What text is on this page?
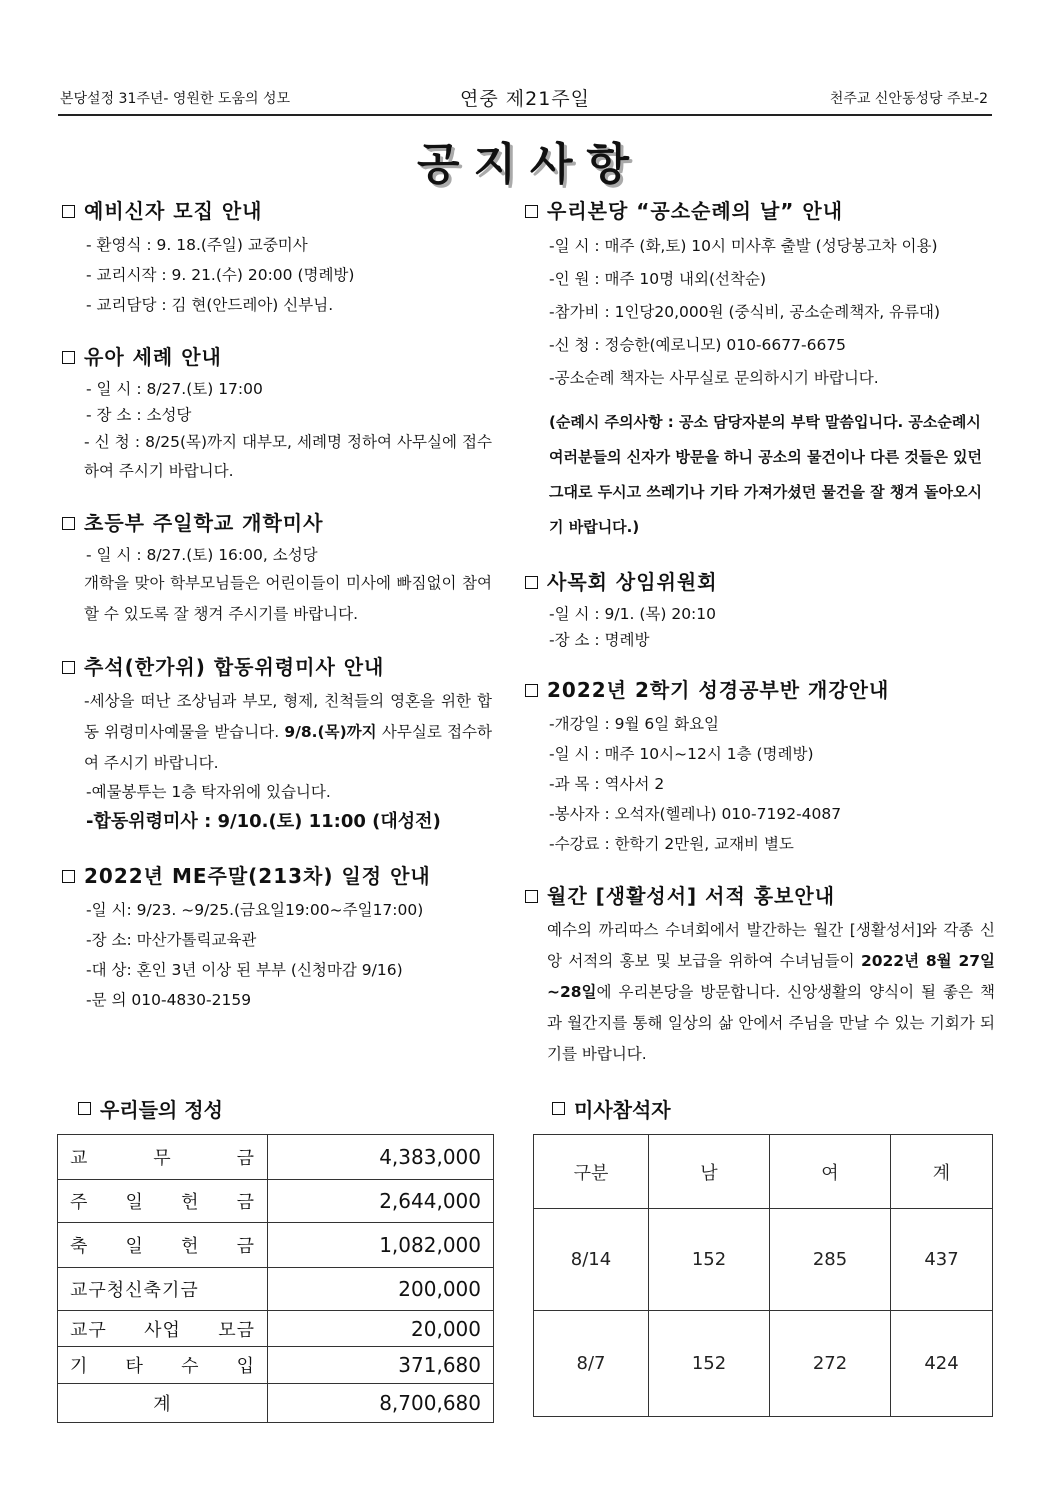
본당설정 31주년- 영원한 도움의 성모	연중 제21주일	천주교 신안동성당 주보-2
공지사항
예비신자 모집 안내
- 환영식 : 9. 18.(주일) 교중미사
- 교리시작 : 9. 21.(수) 20:00 (명례방)
- 교리담당 : 김 현(안드레아) 신부님.
유아 세례 안내
- 일 시 : 8/27.(토) 17:00
- 장 소 : 소성당
- 신 청 : 8/25(목)까지 대부모, 세례명 정하여 사무실에 접수하여 주시기 바랍니다.
초등부 주일학교 개학미사
- 일 시 : 8/27.(토) 16:00, 소성당
개학을 맞아 학부모님들은 어린이들이 미사에 빠짐없이 참여할 수 있도록 잘 챙겨 주시기를 바랍니다.
추석(한가위) 합동위령미사 안내
-세상을 떠난 조상님과 부모, 형제, 친척들의 영혼을 위한 합동 위령미사예물을 받습니다. 9/8.(목)까지 사무실로 접수하여 주시기 바랍니다.
-예물봉투는 1층 탁자위에 있습니다.
-합동위령미사 : 9/10.(토) 11:00 (대성전)
2022년 ME주말(213차) 일정 안내
-일 시: 9/23. ~9/25.(금요일19:00~주일17:00)
-장 소: 마산가톨릭교육관
-대 상: 혼인 3년 이상 된 부부 (신청마감 9/16)
-문 의 010-4830-2159
우리본당 “공소순례의 날” 안내
-일 시 : 매주 (화,토) 10시 미사후 출발 (성당봉고차 이용)
-인 원 : 매주 10명 내외(선착순)
-참가비 : 1인당20,000원 (중식비, 공소순례책자, 유류대)
-신 청 : 정승한(예로니모) 010-6677-6675
-공소순례 책자는 사무실로 문의하시기 바랍니다.
(순례시 주의사항 : 공소 담당자분의 부탁 말씀입니다. 공소순례시 여러분들의 신자가 방문을 하니 공소의 물건이나 다른 것들은 있던 그대로 두시고 쓰레기나 기타 가져가셨던 물건을 잘 챙겨 돌아오시기 바랍니다.)
사목회 상임위원회
-일 시 : 9/1. (목) 20:10
-장 소 : 명례방
2022년 2학기 성경공부반 개강안내
-개강일 : 9월 6일 화요일
-일 시 : 매주 10시~12시 1층 (명례방)
-과 목 : 역사서 2
-봉사자 : 오석자(헬레나) 010-7192-4087
-수강료 : 한학기 2만원, 교재비 별도
월간 [생활성서] 서적 홍보안내
예수의 까리따스 수녀회에서 발간하는 월간 [생활성서]와 각종 신앙 서적의 홍보 및 보급을 위하여 수녀님들이 2022년 8월 27일~28일에 우리본당을 방문합니다. 신앙생활의 양식이 될 좋은 책과 월간지를 통해 일상의 삶 안에서 주님을 만날 수 있는 기회가 되기를 바랍니다.
우리들의 정성
교 무 금	4,383,000
주 일 헌 금	2,644,000
축 일 헌 금	1,082,000
교구청신축기금	200,000
교구 사업 모금	20,000
기 타 수 입	371,680
계	8,700,680
미사참석자
구분	남	여	계
8/14	152	285	437
8/7	152	272	424
